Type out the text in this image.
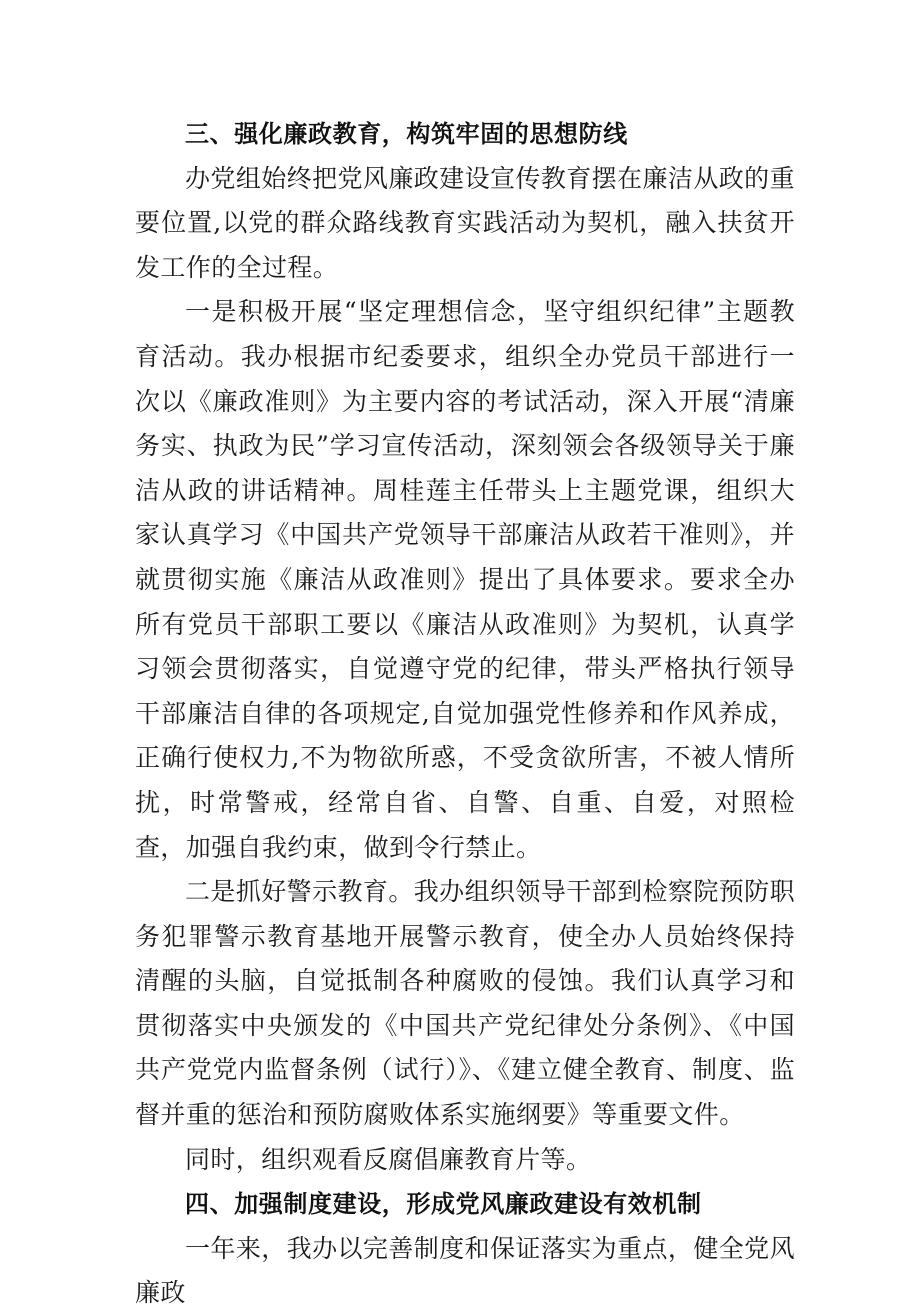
三、强化廉政教育，构筑牢固的思想防线

办党组始终把党风廉政建设宣传教育摆在廉洁从政的重要位置,以党的群众路线教育实践活动为契机，融入扶贫开发工作的全过程。

一是积极开展“坚定理想信念，坚守组织纪律”主题教育活动。我办根据市纪委要求，组织全办党员干部进行一次以《廉政准则》为主要内容的考试活动，深入开展“清廉务实、执政为民”学习宣传活动，深刻领会各级领导关于廉洁从政的讲话精神。周桂莲主任带头上主题党课，组织大家认真学习《中国共产党领导干部廉洁从政若干准则》，并就贯彻实施《廉洁从政准则》提出了具体要求。要求全办所有党员干部职工要以《廉洁从政准则》为契机，认真学习领会贯彻落实，自觉遵守党的纪律，带头严格执行领导干部廉洁自律的各项规定,自觉加强党性修养和作风养成，正确行使权力,不为物欲所惑，不受贪欲所害，不被人情所扰，时常警戒，经常自省、自警、自重、自爱，对照检查，加强自我约束，做到令行禁止。

二是抓好警示教育。我办组织领导干部到检察院预防职务犯罪警示教育基地开展警示教育，使全办人员始终保持清醒的头脑，自觉抵制各种腐败的侵蚀。我们认真学习和贯彻落实中央颁发的《中国共产党纪律处分条例》、《中国共产党党内监督条例（试行）》、《建立健全教育、制度、监督并重的惩治和预防腐败体系实施纲要》等重要文件。

同时，组织观看反腐倡廉教育片等。

四、加强制度建设，形成党风廉政建设有效机制

一年来，我办以完善制度和保证落实为重点，健全党风廉政
